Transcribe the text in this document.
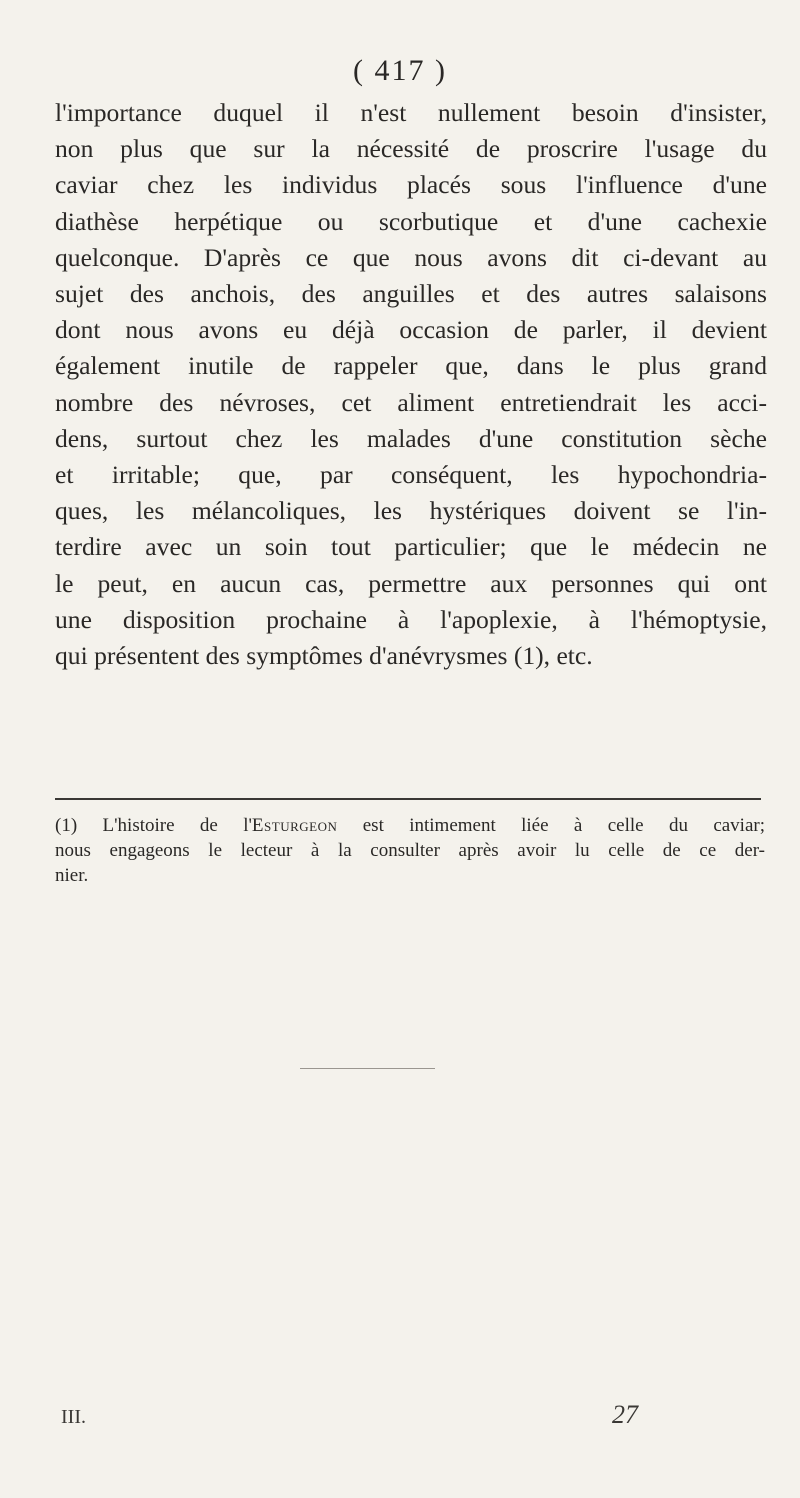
( 417 )
l'importance duquel il n'est nullement besoin d'insister,
non plus que sur la nécessité de proscrire l'usage du
caviar chez les individus placés sous l'influence d'une
diathèse herpétique ou scorbutique et d'une cachexie
quelconque. D'après ce que nous avons dit ci-devant au
sujet des anchois, des anguilles et des autres salaisons
dont nous avons eu déjà occasion de parler, il devient
également inutile de rappeler que, dans le plus grand
nombre des névroses, cet aliment entretiendrait les acci-
dens, surtout chez les malades d'une constitution sèche
et irritable; que, par conséquent, les hypochondria-
ques, les mélancoliques, les hystériques doivent se l'in-
terdire avec un soin tout particulier; que le médecin ne
le peut, en aucun cas, permettre aux personnes qui ont
une disposition prochaine à l'apoplexie, à l'hémoptysie,
qui présentent des symptômes d'anévrysmes (1), etc.
(1) L'histoire de l'Esturgeon est intimement liée à celle du caviar;
nous engageons le lecteur à la consulter après avoir lu celle de ce der-
nier.
III.	27
